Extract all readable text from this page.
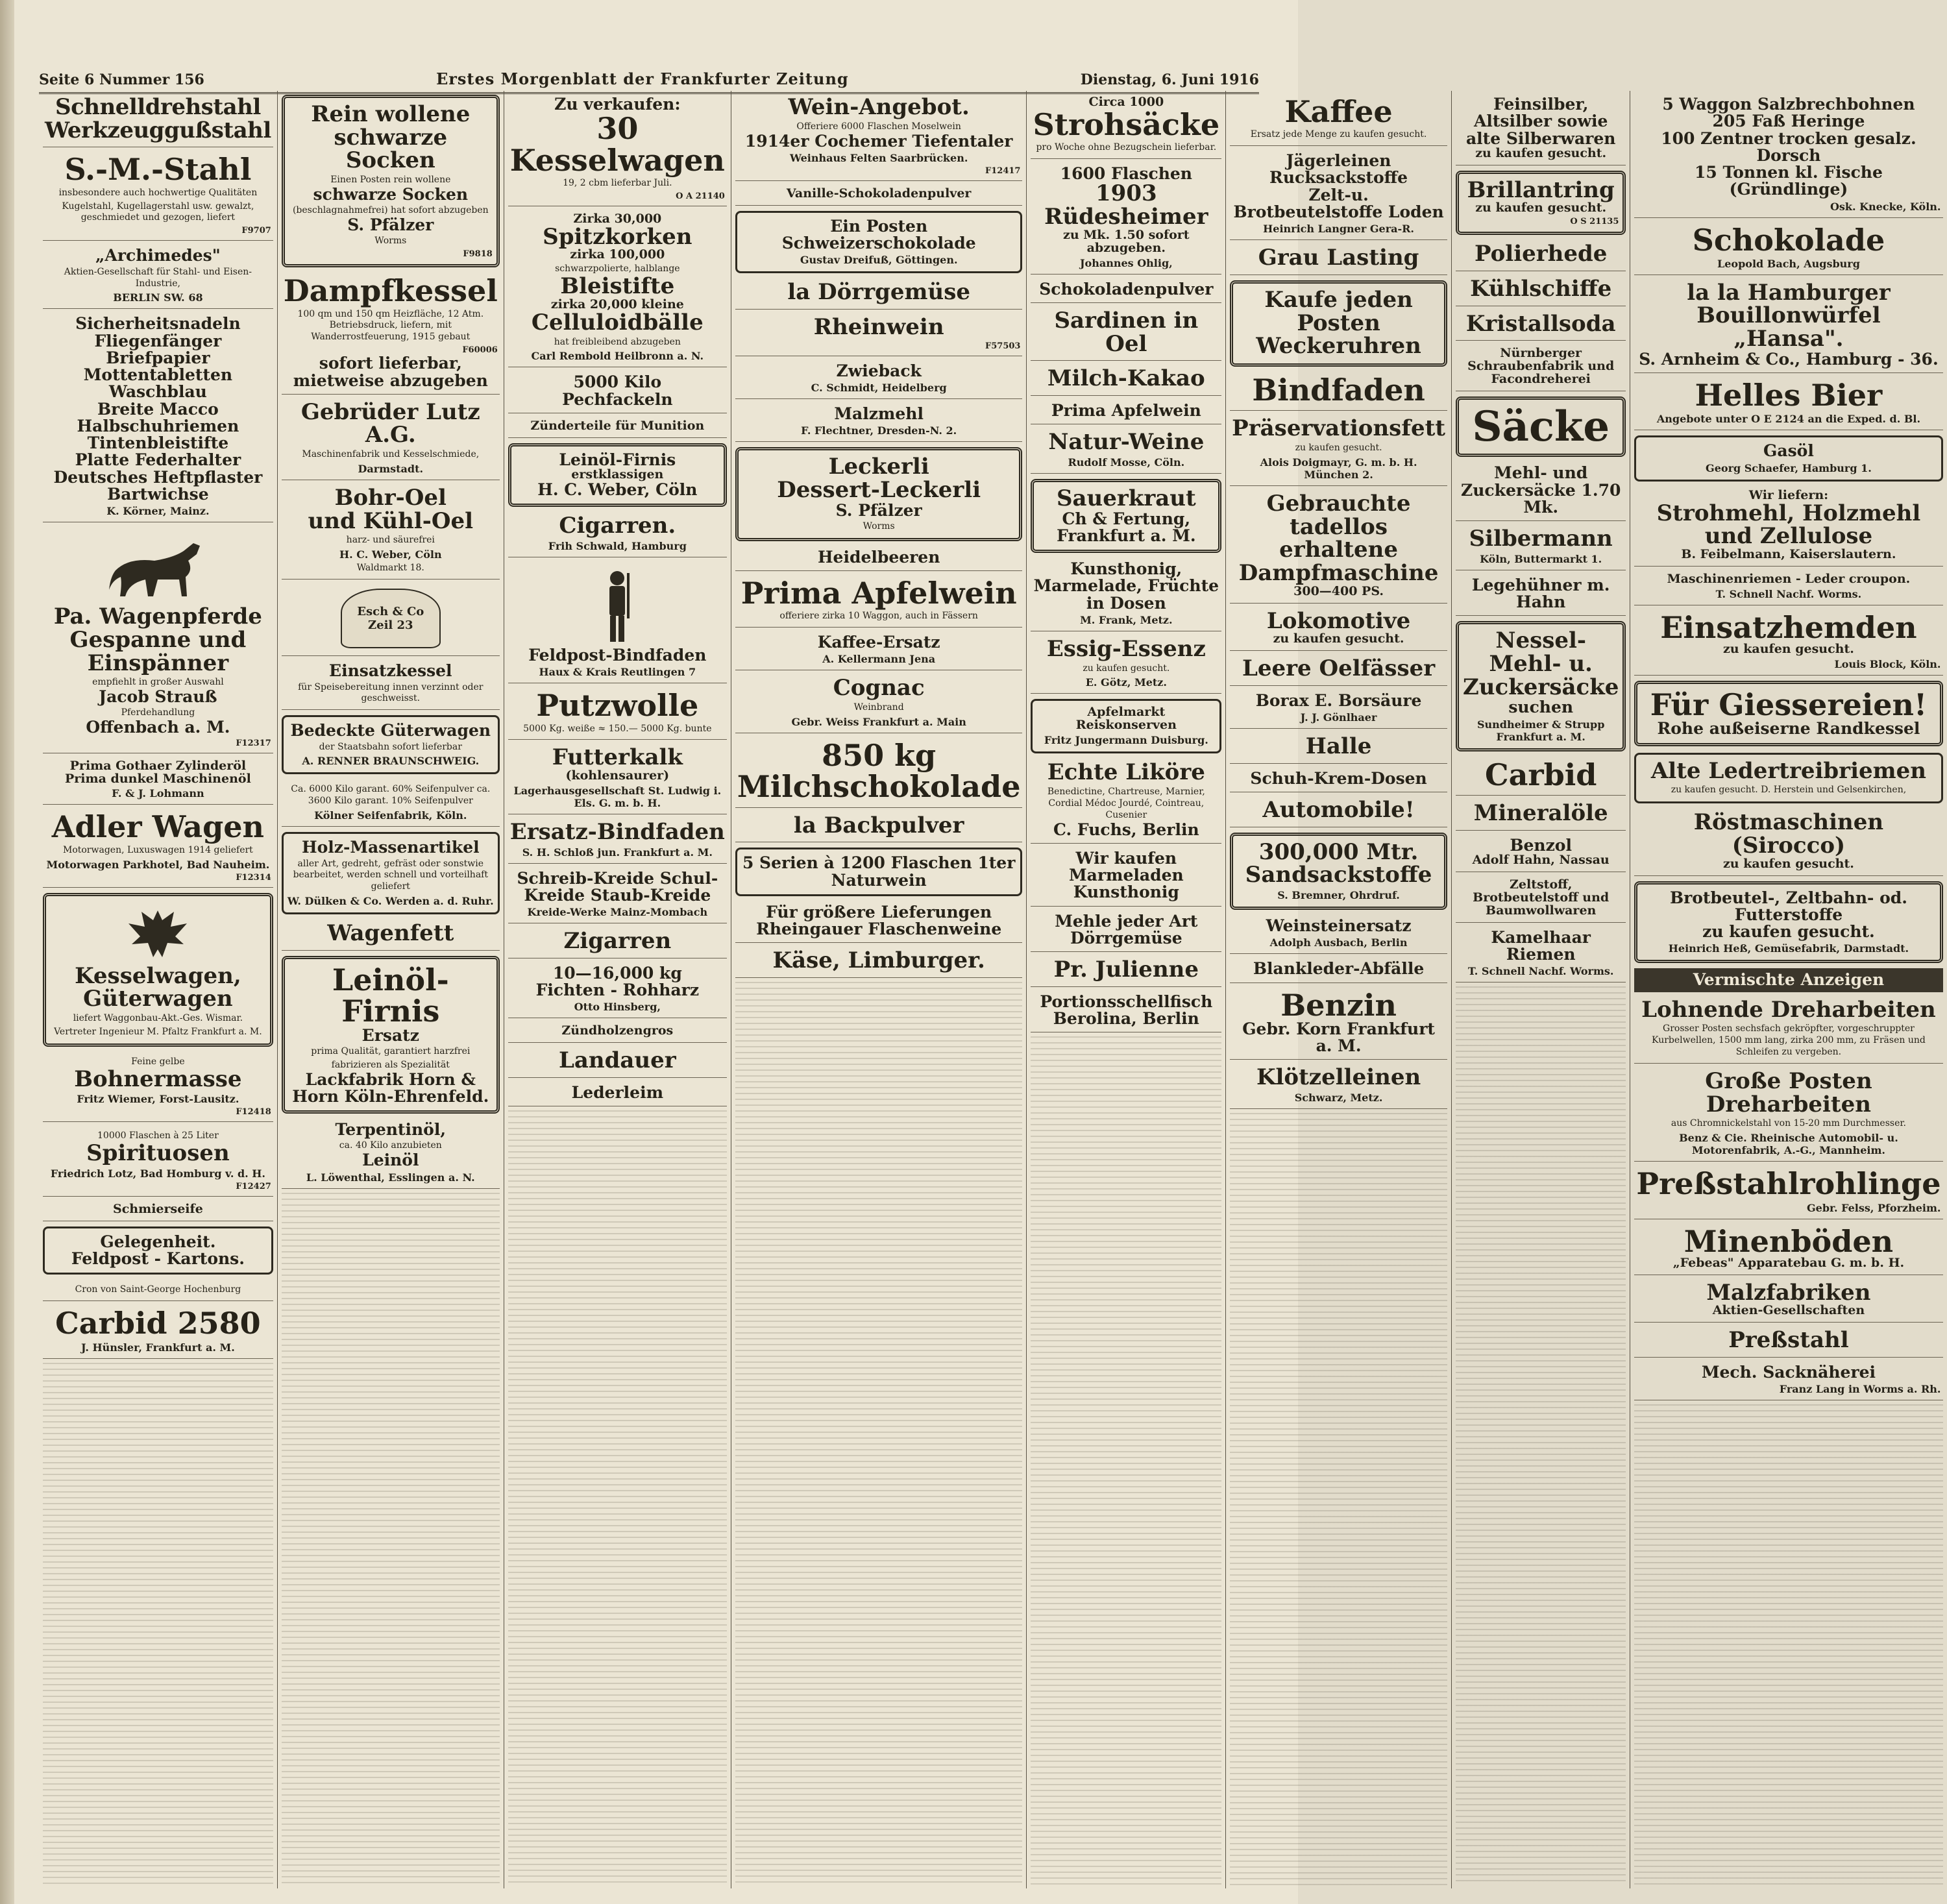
Seite 6 Nummer 156	Erstes Morgenblatt der Frankfurter Zeitung	Dienstag, 6. Juni 1916
Schnelldrehstahl Werkzeuggußstahl
S.-M.-Stahl
insbesondere auch hochwertige Qualitäten
Kugelstahl, Kugellagerstahl usw. gewalzt, geschmiedet und gezogen, liefert
F9707
„Archimedes"
Aktien-Gesellschaft für Stahl- und Eisen-Industrie,
BERLIN SW. 68
Sicherheitsnadeln
Fliegenfänger
Briefpapier
Mottentabletten
Waschblau
Breite Macco Halbschuhriemen
Tintenbleistifte
Platte Federhalter
Deutsches Heftpflaster
Bartwichse
K. Körner, Mainz.
Pa. Wagenpferde
Gespanne und Einspänner
empfiehlt in großer Auswahl
Jacob Strauß
Pferdehandlung
Offenbach a. M.
F12317
Prima Gothaer Zylinderöl
Prima dunkel Maschinenöl
F. & J. Lohmann
Adler Wagen
Motorwagen, Luxuswagen 1914 geliefert
Motorwagen Parkhotel, Bad Nauheim.
F12314
Kesselwagen, Güterwagen
liefert Waggonbau-Akt.-Ges. Wismar.
Vertreter Ingenieur M. Pfaltz Frankfurt a. M.
Feine gelbe
Bohnermasse
Fritz Wiemer, Forst-Lausitz.
F12418
10000 Flaschen à 25 Liter
Spirituosen
Friedrich Lotz, Bad Homburg v. d. H.
F12427
Schmierseife
Gelegenheit.
Feldpost - Kartons.
Cron von Saint-George Hochenburg
Carbid 2580
J. Hünsler, Frankfurt a. M.
Rein wollene schwarze Socken
Einen Posten rein wollene
schwarze Socken
(beschlagnahmefrei) hat sofort abzugeben
S. Pfälzer
Worms
F9818
Dampfkessel
100 qm und 150 qm Heizfläche, 12 Atm. Betriebsdruck, liefern, mit Wanderrostfeuerung, 1915 gebaut
F60006
sofort lieferbar, mietweise abzugeben
Gebrüder Lutz A.G.
Maschinenfabrik und Kesselschmiede,
Darmstadt.
Bohr-Oel
und Kühl-Oel
harz- und säurefrei
H. C. Weber, Cöln
Waldmarkt 18.
Esch & Co
Zeil 23
Einsatzkessel
für Speisebereitung innen verzinnt oder geschweisst.
Bedeckte Güterwagen
der Staatsbahn sofort lieferbar
A. RENNER BRAUNSCHWEIG.
Ca. 6000 Kilo garant. 60% Seifenpulver ca. 3600 Kilo garant. 10% Seifenpulver
Kölner Seifenfabrik, Köln.
Holz-Massenartikel
aller Art, gedreht, gefräst oder sonstwie bearbeitet, werden schnell und vorteilhaft geliefert
W. Dülken & Co. Werden a. d. Ruhr.
Wagenfett
Leinöl-Firnis
Ersatz
prima Qualität, garantiert harzfrei
fabrizieren als Spezialität
Lackfabrik Horn & Horn Köln-Ehrenfeld.
Terpentinöl,
ca. 40 Kilo anzubieten
Leinöl
L. Löwenthal, Esslingen a. N.
Zu verkaufen:
30 Kesselwagen
19, 2 cbm lieferbar Juli.
O A 21140
Zirka 30,000
Spitzkorken
zirka 100,000
schwarzpolierte, halblange
Bleistifte
zirka 20,000 kleine
Celluloidbälle
hat freibleibend abzugeben
Carl Rembold Heilbronn a. N.
5000 Kilo
Pechfackeln
Zünderteile für Munition
Leinöl-Firnis
erstklassigen
H. C. Weber, Cöln
Cigarren.
Frih Schwald, Hamburg
Feldpost-Bindfaden
Haux & Krais Reutlingen 7
Putzwolle
5000 Kg. weiße ≈ 150.— 5000 Kg. bunte
Futterkalk
(kohlensaurer)
Lagerhausgesellschaft St. Ludwig i. Els. G. m. b. H.
Ersatz-Bindfaden
S. H. Schloß jun. Frankfurt a. M.
Schreib-Kreide Schul-Kreide Staub-Kreide
Kreide-Werke Mainz-Mombach
Zigarren
10—16,000 kg
Fichten - Rohharz
Otto Hinsberg,
Zündholzengros
Landauer
Lederleim
Wein-Angebot.
Offeriere 6000 Flaschen Moselwein
1914er Cochemer Tiefentaler
Weinhaus Felten Saarbrücken.
F12417
Vanille-Schokoladenpulver
Ein Posten Schweizerschokolade
Gustav Dreifuß, Göttingen.
la Dörrgemüse
Rheinwein
F57503
Zwieback
C. Schmidt, Heidelberg
Malzmehl
F. Flechtner, Dresden-N. 2.
Leckerli
Dessert-Leckerli
S. Pfälzer
Worms
Heidelbeeren
Prima Apfelwein
offeriere zirka 10 Waggon, auch in Fässern
Kaffee-Ersatz
A. Kellermann Jena
Cognac
Weinbrand
Gebr. Weiss Frankfurt a. Main
850 kg Milchschokolade
la Backpulver
5 Serien à 1200 Flaschen 1ter Naturwein
Für größere Lieferungen
Rheingauer Flaschenweine
Käse, Limburger.
Circa 1000
Strohsäcke
pro Woche ohne Bezugschein lieferbar.
1600 Flaschen
1903 Rüdesheimer
zu Mk. 1.50 sofort abzugeben.
Johannes Ohlig,
Schokoladenpulver
Sardinen in Oel
Milch-Kakao
Prima Apfelwein
Natur-Weine
Rudolf Mosse, Cöln.
Sauerkraut
Ch & Fertung, Frankfurt a. M.
Kunsthonig, Marmelade, Früchte in Dosen
M. Frank, Metz.
Essig-Essenz
zu kaufen gesucht.
E. Götz, Metz.
Apfelmarkt
Reiskonserven
Fritz Jungermann Duisburg.
Echte Liköre
Benedictine, Chartreuse, Marnier, Cordial Médoc Jourdé, Cointreau, Cusenier
C. Fuchs, Berlin
Wir kaufen Marmeladen Kunsthonig
Mehle jeder Art Dörrgemüse
Pr. Julienne
Portionsschellfisch
Berolina, Berlin
Kaffee
Ersatz jede Menge zu kaufen gesucht.
Jägerleinen Rucksackstoffe
Zelt-u. Brotbeutelstoffe Loden
Heinrich Langner Gera-R.
Grau Lasting
Kaufe jeden Posten Weckeruhren
Bindfaden
Präservationsfett
zu kaufen gesucht.
Alois Doigmayr, G. m. b. H. München 2.
Gebrauchte tadellos erhaltene Dampfmaschine
300—400 PS.
Lokomotive
zu kaufen gesucht.
Leere Oelfässer
Borax E. Borsäure
J. J. Gönlhaer
Halle
Schuh-Krem-Dosen
Automobile!
300,000 Mtr. Sandsackstoffe
S. Bremner, Ohrdruf.
Weinsteinersatz
Adolph Ausbach, Berlin
Blankleder-Abfälle
Benzin
Gebr. Korn Frankfurt a. M.
Klötzelleinen
Schwarz, Metz.
Feinsilber, Altsilber sowie alte Silberwaren
zu kaufen gesucht.
Brillantring
zu kaufen gesucht.
O S 21135
Polierhede
Kühlschiffe
Kristallsoda
Nürnberger Schraubenfabrik und Facondreherei
Säcke
Mehl- und Zuckersäcke 1.70 Mk.
Silbermann
Köln, Buttermarkt 1.
Legehühner m. Hahn
Nessel-Mehl- u. Zuckersäcke
suchen
Sundheimer & Strupp Frankfurt a. M.
Carbid
Mineralöle
Benzol
Adolf Hahn, Nassau
Zeltstoff, Brotbeutelstoff und Baumwollwaren
Kamelhaar Riemen
T. Schnell Nachf. Worms.
5 Waggon Salzbrechbohnen
205 Faß Heringe
100 Zentner trocken gesalz. Dorsch
15 Tonnen kl. Fische (Gründlinge)
Osk. Knecke, Köln.
Schokolade
Leopold Bach, Augsburg
la la Hamburger Bouillonwürfel
„Hansa".
S. Arnheim & Co., Hamburg - 36.
Helles Bier
Angebote unter O E 2124 an die Exped. d. Bl.
Gasöl
Georg Schaefer, Hamburg 1.
Wir liefern:
Strohmehl, Holzmehl und Zellulose
B. Feibelmann, Kaiserslautern.
Maschinenriemen - Leder croupon.
T. Schnell Nachf. Worms.
Einsatzhemden
zu kaufen gesucht.
Louis Block, Köln.
Für Giessereien!
Rohe außeiserne Randkessel
Alte Ledertreibriemen
zu kaufen gesucht. D. Herstein und Gelsenkirchen,
Röstmaschinen (Sirocco)
zu kaufen gesucht.
Brotbeutel-, Zeltbahn- od. Futterstoffe
zu kaufen gesucht.
Heinrich Heß, Gemüsefabrik, Darmstadt.
Vermischte Anzeigen
Lohnende Dreharbeiten
Grosser Posten sechsfach gekröpfter, vorgeschruppter Kurbelwellen, 1500 mm lang, zirka 200 mm, zu Fräsen und Schleifen zu vergeben.
Große Posten Dreharbeiten
aus Chromnickelstahl von 15-20 mm Durchmesser.
Benz & Cie. Rheinische Automobil- u. Motorenfabrik, A.-G., Mannheim.
Preßstahlrohlinge
Gebr. Felss, Pforzheim.
Minenböden
„Febeas" Apparatebau G. m. b. H.
Malzfabriken
Aktien-Gesellschaften
Preßstahl
Mech. Sacknäherei
Franz Lang in Worms a. Rh.
